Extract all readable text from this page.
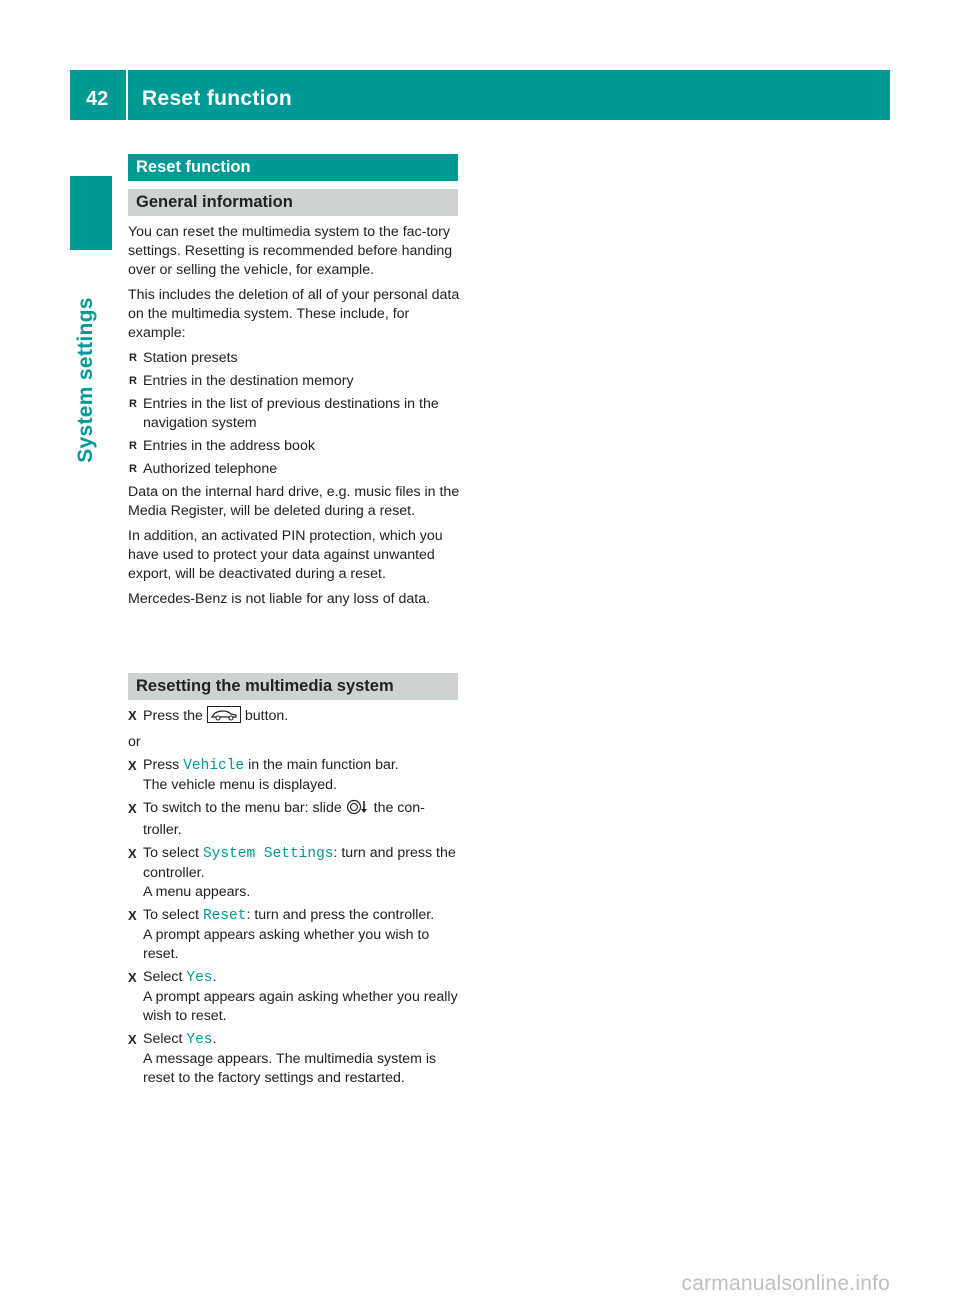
42 Reset function
System settings
Reset function
General information

You can reset the multimedia system to the fac-tory settings. Resetting is recommended before handing over or selling the vehicle, for example.

This includes the deletion of all of your personal data on the multimedia system. These include, for example:

R Station presets
R Entries in the destination memory
R Entries in the list of previous destinations in the navigation system
R Entries in the address book
R Authorized telephone

Data on the internal hard drive, e.g. music files in the Media Register, will be deleted during a reset.

In addition, an activated PIN protection, which you have used to protect your data against unwanted export, will be deactivated during a reset.

Mercedes-Benz is not liable for any loss of data.

Resetting the multimedia system
X Press the	button.
or
X Press Vehicle in the main function bar.
The vehicle menu is displayed.
X To switch to the menu bar: slide the con-troller.
X To select System Settings: turn and press the controller.
A menu appears.
X To select Reset: turn and press the controller.
A prompt appears asking whether you wish to reset.
X Select Yes.
A prompt appears again asking whether you really wish to reset.
X Select Yes.
A message appears. The multimedia system is reset to the factory settings and restarted.
carmanualsonline.info
